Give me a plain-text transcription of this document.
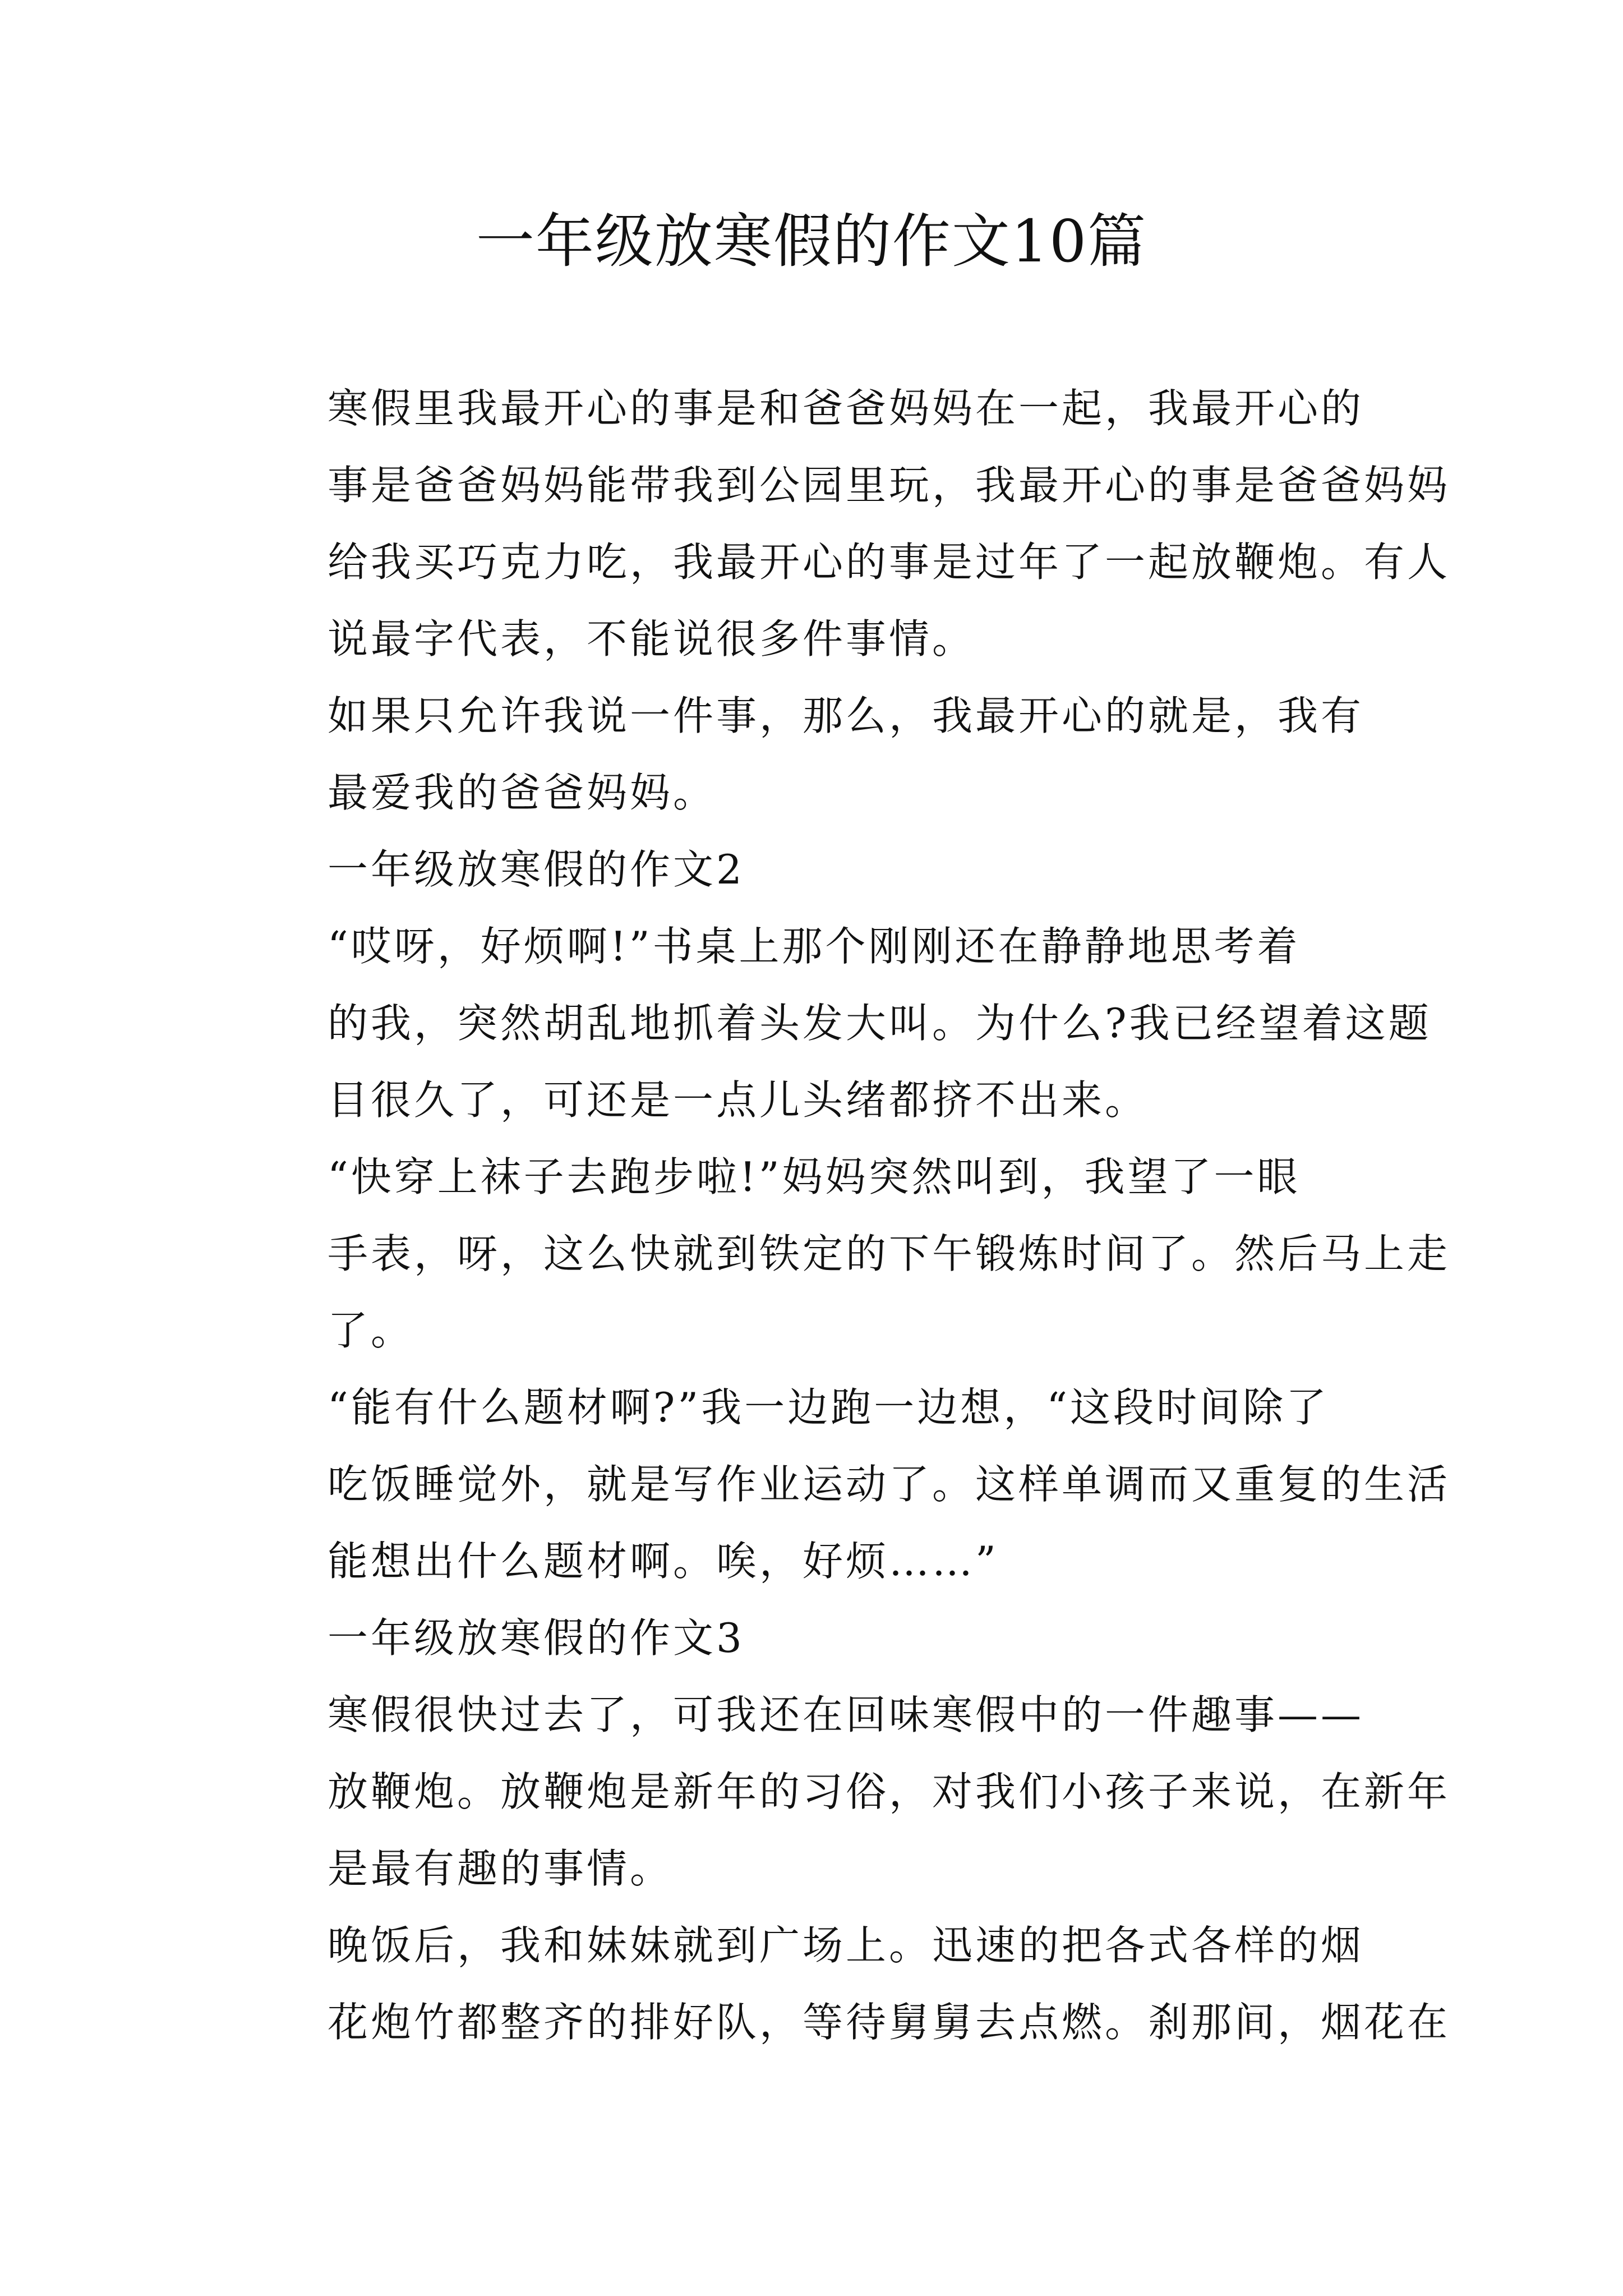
一年级放寒假的作文10篇

寒假里我最开心的事是和爸爸妈妈在一起，我最开心的
事是爸爸妈妈能带我到公园里玩，我最开心的事是爸爸妈妈
给我买巧克力吃，我最开心的事是过年了一起放鞭炮。有人
说最字代表，不能说很多件事情。

如果只允许我说一件事，那么，我最开心的就是，我有
最爱我的爸爸妈妈。

一年级放寒假的作文2

“哎呀，好烦啊!”书桌上那个刚刚还在静静地思考着
的我，突然胡乱地抓着头发大叫。为什么?我已经望着这题
目很久了，可还是一点儿头绪都挤不出来。

“快穿上袜子去跑步啦!”妈妈突然叫到，我望了一眼
手表，呀，这么快就到铁定的下午锻炼时间了。然后马上走
了。

“能有什么题材啊?”我一边跑一边想，“这段时间除了
吃饭睡觉外，就是写作业运动了。这样单调而又重复的生活
能想出什么题材啊。唉，好烦……”

一年级放寒假的作文3

寒假很快过去了，可我还在回味寒假中的一件趣事——
放鞭炮。放鞭炮是新年的习俗，对我们小孩子来说，在新年
是最有趣的事情。

晚饭后，我和妹妹就到广场上。迅速的把各式各样的烟
花炮竹都整齐的排好队，等待舅舅去点燃。刹那间，烟花在
